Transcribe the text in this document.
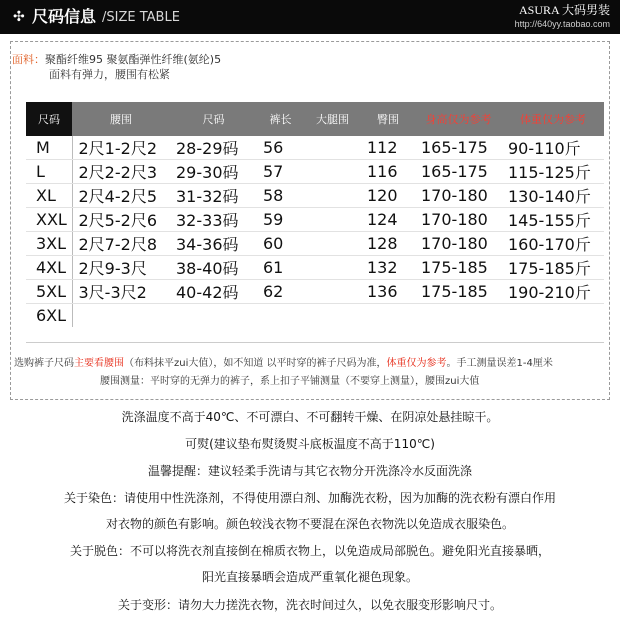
✣ 尺码信息 /SIZE TABLE	ASURA 大码男装
http://640yy.taobao.com
面料：聚酯纤维95 聚氨酯弹性纤维(氨纶)5
面料有弹力，腰围有松紧
尺码	腰围	尺码	裤长	大腿围	臀围	身高仅为参考	体重仅为参考
M	2尺1-2尺2	28-29码	56		112	165-175	90-110斤
L	2尺2-2尺3	29-30码	57		116	165-175	115-125斤
XL	2尺4-2尺5	31-32码	58		120	170-180	130-140斤
XXL	2尺5-2尺6	32-33码	59		124	170-180	145-155斤
3XL	2尺7-2尺8	34-36码	60		128	170-180	160-170斤
4XL	2尺9-3尺	38-40码	61		132	175-185	175-185斤
5XL	3尺-3尺2	40-42码	62		136	175-185	190-210斤
6XL							
选购裤子尺码主要看腰围（布料抹平zui大值），如不知道 以平时穿的裤子尺码为准，体重仅为参考。手工测量误差1-4厘米
腰围测量：平时穿的无弹力的裤子，系上扣子平铺测量（不要穿上测量），腰围zui大值
洗涤温度不高于40℃、不可漂白、不可翻转干燥、在阴凉处悬挂晾干。
可熨(建议垫布熨烫熨斗底板温度不高于110℃)
温馨提醒：建议轻柔手洗请与其它衣物分开洗涤冷水反面洗涤
关于染色：请使用中性洗涤剂，不得使用漂白剂、加酶洗衣粉，因为加酶的洗衣粉有漂白作用
对衣物的颜色有影响。颜色较浅衣物不要混在深色衣物洗以免造成衣服染色。
关于脱色：不可以将洗衣剂直接倒在棉质衣物上，以免造成局部脱色。避免阳光直接暴晒，
阳光直接暴晒会造成严重氧化褪色现象。
关于变形：请勿大力搓洗衣物，洗衣时间过久，以免衣服变形影响尺寸。
